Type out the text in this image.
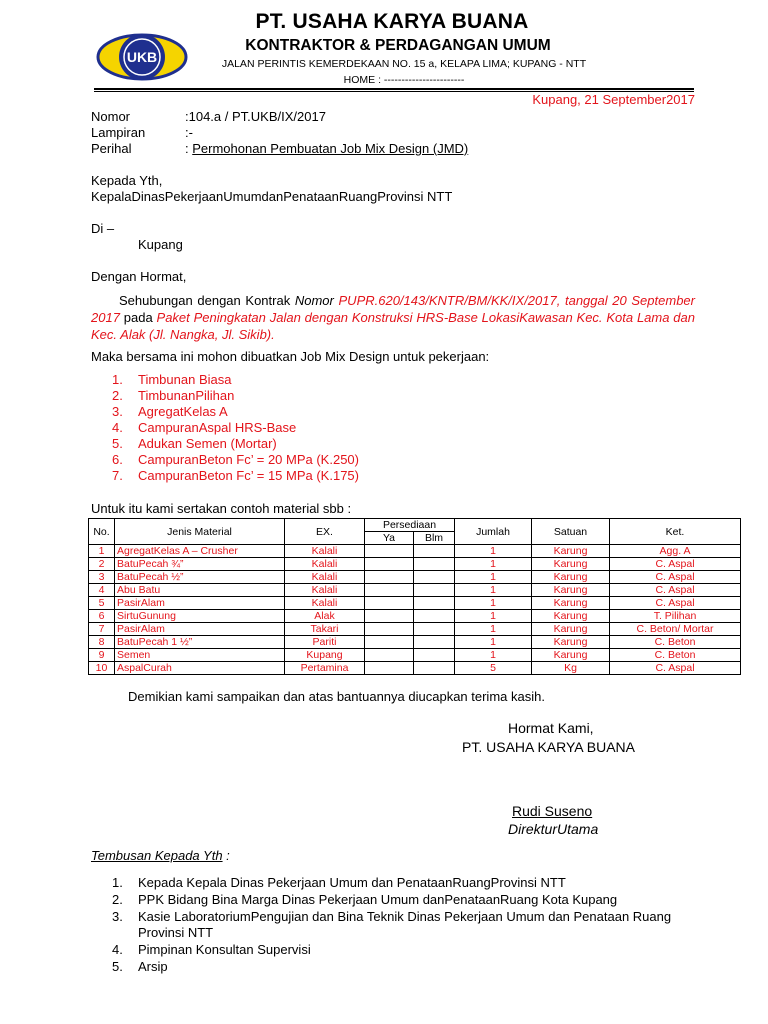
UKB
PT. USAHA KARYA BUANA
KONTRAKTOR & PERDAGANGAN UMUM
JALAN PERINTIS KEMERDEKAAN NO. 15 a, KELAPA LIMA; KUPANG - NTT
HOME : -----------------------
Kupang, 21 September2017
Nomor	:104.a / PT.UKB/IX/2017
Lampiran	:-
Perihal	: Permohonan Pembuatan Job Mix Design (JMD)
Kepada Yth,
KepalaDinasPekerjaanUmumdanPenataanRuangProvinsi NTT
Di –
Kupang
Dengan Hormat,
Sehubungan dengan Kontrak Nomor PUPR.620/143/KNTR/BM/KK/IX/2017, tanggal 20 September 2017 pada Paket Peningkatan Jalan dengan Konstruksi HRS-Base LokasiKawasan Kec. Kota Lama dan Kec. Alak (Jl. Nangka, Jl. Sikib).
Maka bersama ini mohon dibuatkan Job Mix Design untuk pekerjaan:
1. Timbunan Biasa
2. TimbunanPilihan
3. AgregatKelas A
4. CampuranAspal HRS-Base
5. Adukan Semen (Mortar)
6. CampuranBeton Fc’ = 20 MPa (K.250)
7. CampuranBeton Fc’ = 15 MPa (K.175)
Untuk itu kami sertakan contoh material sbb :
No.	Jenis Material	EX.	Persediaan		Jumlah	Satuan	Ket.
			Ya	Blm			
1	AgregatKelas A – Crusher	Kalali			1	Karung	Agg. A
2	BatuPecah ¾”	Kalali			1	Karung	C. Aspal
3	BatuPecah ½”	Kalali			1	Karung	C. Aspal
4	Abu Batu	Kalali			1	Karung	C. Aspal
5	PasirAlam	Kalali			1	Karung	C. Aspal
6	SirtuGunung	Alak			1	Karung	T. Pilihan
7	PasirAlam	Takari			1	Karung	C. Beton/ Mortar
8	BatuPecah 1 ½”	Pariti			1	Karung	C. Beton
9	Semen	Kupang			1	Karung	C. Beton
10	AspalCurah	Pertamina			5	Kg	C. Aspal
Demikian kami sampaikan dan atas bantuannya diucapkan terima kasih.
Hormat Kami,
PT. USAHA KARYA BUANA
Rudi Suseno
DirekturUtama
Tembusan Kepada Yth :
1. Kepada Kepala Dinas Pekerjaan Umum dan PenataanRuangProvinsi NTT
2. PPK Bidang Bina Marga Dinas Pekerjaan Umum danPenataanRuang Kota Kupang
3. Kasie LaboratoriumPengujian dan Bina Teknik Dinas Pekerjaan Umum dan Penataan Ruang Provinsi NTT
4. Pimpinan Konsultan Supervisi
5. Arsip
